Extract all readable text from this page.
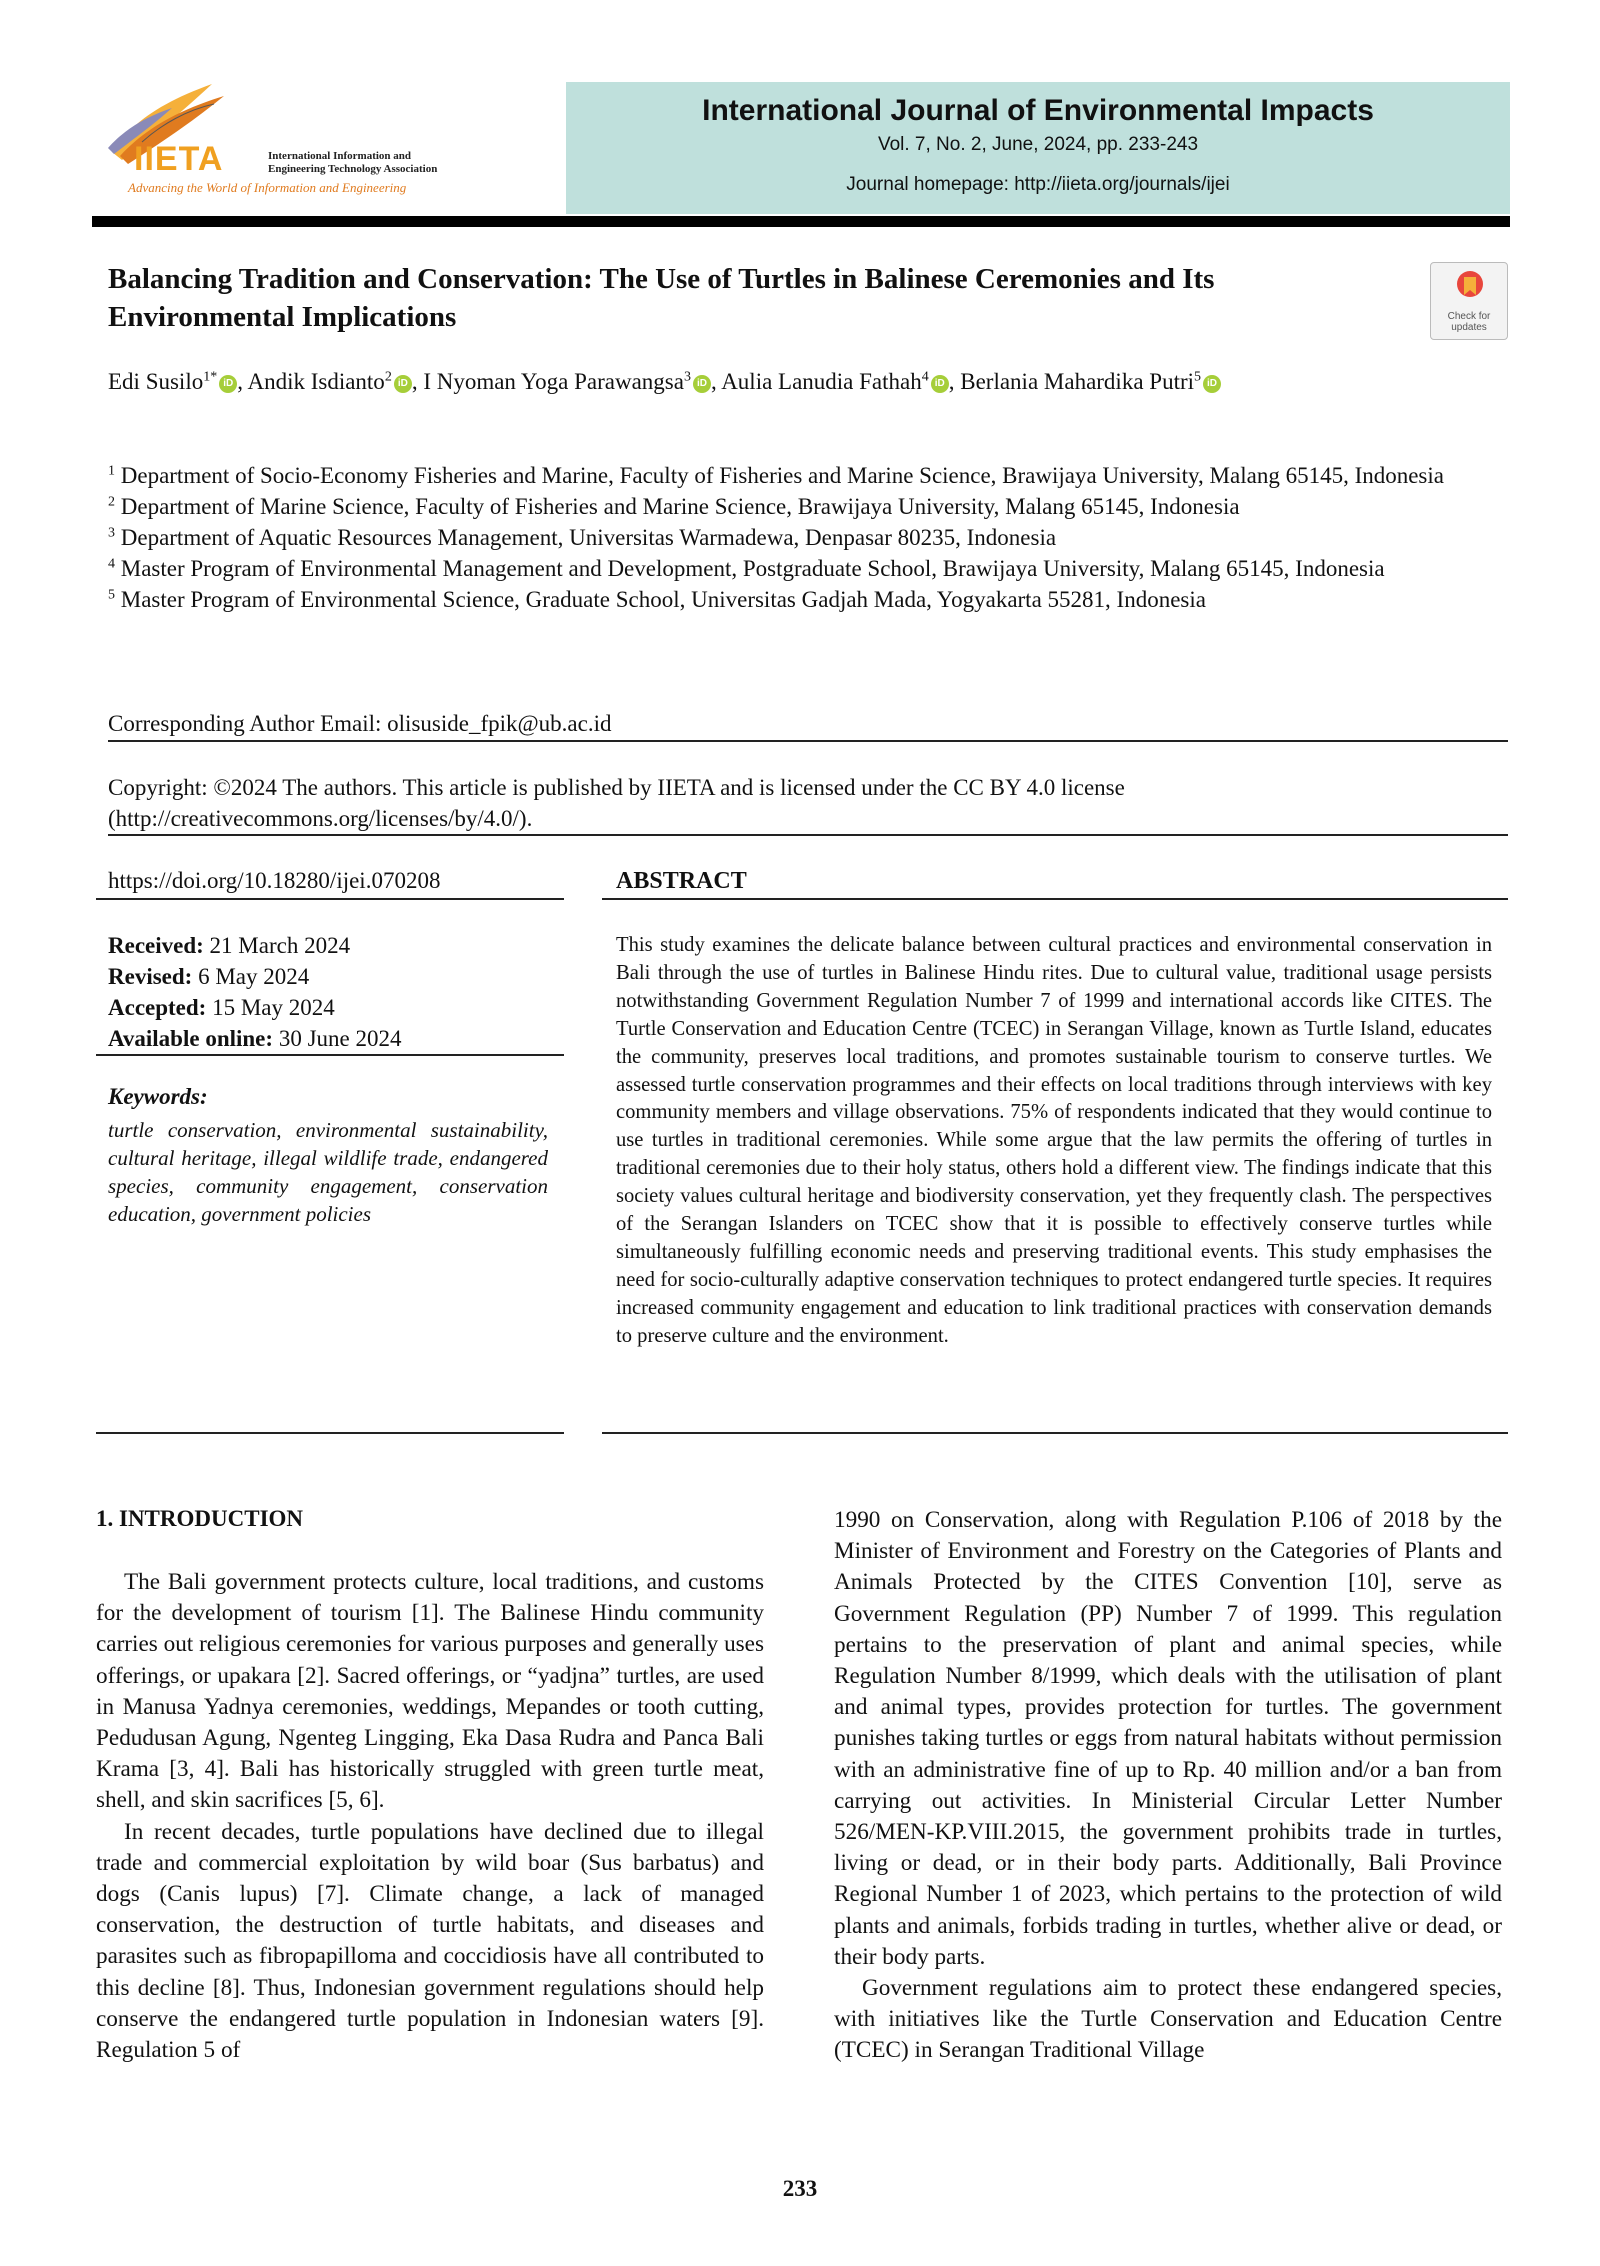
IIETA	International Information and
Engineering Technology Association
Advancing the World of Information and Engineering
International Journal of Environmental Impacts
Vol. 7, No. 2, June, 2024, pp. 233-243
Journal homepage: http://iieta.org/journals/ijei
Balancing Tradition and Conservation: The Use of Turtles in Balinese Ceremonies and Its Environmental Implications	Check for updates
Edi Susilo$^{1*}$ iD , Andik Isdianto$^2$ iD , I Nyoman Yoga Parawangsa$^3$ iD , Aulia Lanudia Fathah$^4$ iD , Berlania Mahardika Putri$^5$ iD

$^1$ Department of Socio-Economy Fisheries and Marine, Faculty of Fisheries and Marine Science, Brawijaya University, Malang 65145, Indonesia

$^2$ Department of Marine Science, Faculty of Fisheries and Marine Science, Brawijaya University, Malang 65145, Indonesia

$^3$ Department of Aquatic Resources Management, Universitas Warmadewa, Denpasar 80235, Indonesia

$^4$ Master Program of Environmental Management and Development, Postgraduate School, Brawijaya University, Malang 65145, Indonesia

$^5$ Master Program of Environmental Science, Graduate School, Universitas Gadjah Mada, Yogyakarta 55281, Indonesia

Corresponding Author Email: olisuside_fpik@ub.ac.id
Copyright: ©2024 The authors. This article is published by IIETA and is licensed under the CC BY 4.0 license (http://creativecommons.org/licenses/by/4.0/).
https://doi.org/10.18280/ijei.070208
Received: 21 March 2024
Revised: 6 May 2024
Accepted: 15 May 2024
Available online: 30 June 2024
Keywords:
turtle conservation, environmental sustainability, cultural heritage, illegal wildlife trade, endangered species, community engagement, conservation education, government policies
ABSTRACT
This study examines the delicate balance between cultural practices and environmental conservation in Bali through the use of turtles in Balinese Hindu rites. Due to cultural value, traditional usage persists notwithstanding Government Regulation Number 7 of 1999 and international accords like CITES. The Turtle Conservation and Education Centre (TCEC) in Serangan Village, known as Turtle Island, educates the community, preserves local traditions, and promotes sustainable tourism to conserve turtles. We assessed turtle conservation programmes and their effects on local traditions through interviews with key community members and village observations. 75% of respondents indicated that they would continue to use turtles in traditional ceremonies. While some argue that the law permits the offering of turtles in traditional ceremonies due to their holy status, others hold a different view. The findings indicate that this society values cultural heritage and biodiversity conservation, yet they frequently clash. The perspectives of the Serangan Islanders on TCEC show that it is possible to effectively conserve turtles while simultaneously fulfilling economic needs and preserving traditional events. This study emphasises the need for socio-culturally adaptive conservation techniques to protect endangered turtle species. It requires increased community engagement and education to link traditional practices with conservation demands to preserve culture and the environment.
1. INTRODUCTION

The Bali government protects culture, local traditions, and customs for the development of tourism [1]. The Balinese Hindu community carries out religious ceremonies for various purposes and generally uses offerings, or upakara [2]. Sacred offerings, or “yadjna” turtles, are used in Manusa Yadnya ceremonies, weddings, Mepandes or tooth cutting, Pedudusan Agung, Ngenteg Lingging, Eka Dasa Rudra and Panca Bali Krama [3, 4]. Bali has historically struggled with green turtle meat, shell, and skin sacrifices [5, 6].

In recent decades, turtle populations have declined due to illegal trade and commercial exploitation by wild boar (Sus barbatus) and dogs (Canis lupus) [7]. Climate change, a lack of managed conservation, the destruction of turtle habitats, and diseases and parasites such as fibropapilloma and coccidiosis have all contributed to this decline [8]. Thus, Indonesian government regulations should help conserve the endangered turtle population in Indonesian waters [9]. Regulation 5 of

1990 on Conservation, along with Regulation P.106 of 2018 by the Minister of Environment and Forestry on the Categories of Plants and Animals Protected by the CITES Convention [10], serve as Government Regulation (PP) Number 7 of 1999. This regulation pertains to the preservation of plant and animal species, while Regulation Number 8/1999, which deals with the utilisation of plant and animal types, provides protection for turtles. The government punishes taking turtles or eggs from natural habitats without permission with an administrative fine of up to Rp. 40 million and/or a ban from carrying out activities. In Ministerial Circular Letter Number 526/MEN-KP.VIII.2015, the government prohibits trade in turtles, living or dead, or in their body parts. Additionally, Bali Province Regional Number 1 of 2023, which pertains to the protection of wild plants and animals, forbids trading in turtles, whether alive or dead, or their body parts.

Government regulations aim to protect these endangered species, with initiatives like the Turtle Conservation and Education Centre (TCEC) in Serangan Traditional Village

233
